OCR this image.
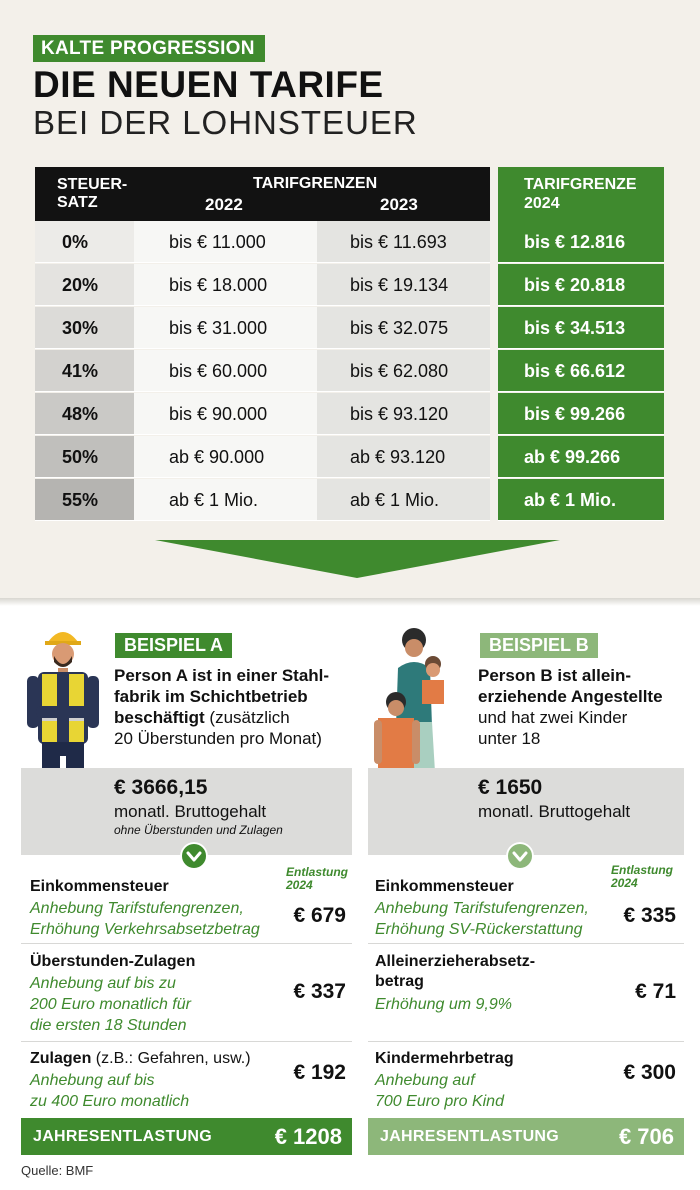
KALTE PROGRESSION
DIE NEUEN TARIFE
BEI DER LOHNSTEUER
STEUER-
SATZ
TARIFGRENZEN
2022	2023
TARIFGRENZE
2024
0%	bis € 11.000	bis € 11.693	bis € 12.816
20%	bis € 18.000	bis € 19.134	bis € 20.818
30%	bis € 31.000	bis € 32.075	bis € 34.513
41%	bis € 60.000	bis € 62.080	bis € 66.612
48%	bis € 90.000	bis € 93.120	bis € 99.266
50%	ab € 90.000	ab € 93.120	ab € 99.266
55%	ab € 1 Mio.	ab € 1 Mio.	ab € 1 Mio.
BEISPIEL A
Person A ist in einer Stahl-
fabrik im Schichtbetrieb
beschäftigt (zusätzlich
20 Überstunden pro Monat)
€ 3666,15
monatl. Bruttogehalt
ohne Überstunden und Zulagen
Entlastung
2024
Einkommensteuer
Anhebung Tarifstufengrenzen,
Erhöhung Verkehrsabsetzbetrag
€ 679
Überstunden-Zulagen
Anhebung auf bis zu
200 Euro monatlich für
die ersten 18 Stunden
€ 337
Zulagen (z.B.: Gefahren, usw.)
Anhebung auf bis
zu 400 Euro monatlich
€ 192
JAHRESENTLASTUNG	€ 1208
BEISPIEL B
Person B ist allein-
erziehende Angestellte
und hat zwei Kinder
unter 18
€ 1650
monatl. Bruttogehalt
Entlastung
2024
Einkommensteuer
Anhebung Tarifstufengrenzen,
Erhöhung SV-Rückerstattung
€ 335
Alleinerzieherabsetz-
betrag
Erhöhung um 9,9%
€ 71
Kindermehrbetrag
Anhebung auf
700 Euro pro Kind
€ 300
JAHRESENTLASTUNG	€ 706
Quelle: BMF
